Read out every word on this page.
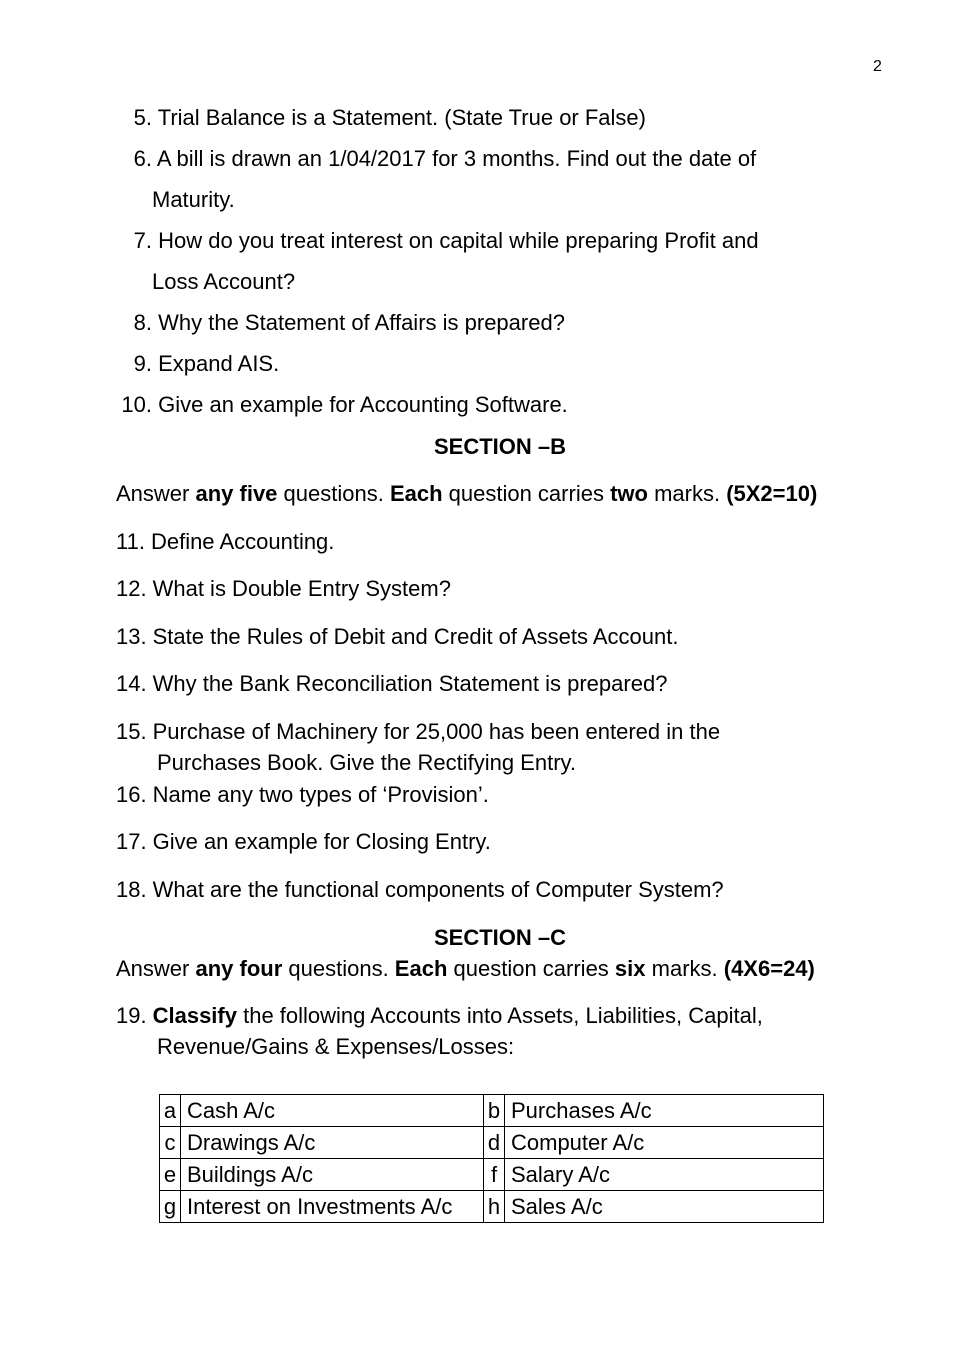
2
5. Trial Balance is a Statement. (State True or False)
6. A bill is drawn an 1/04/2017 for 3 months. Find out the date of
Maturity.
7. How do you treat interest on capital while preparing Profit and
Loss Account?
8. Why the Statement of Affairs is prepared?
9. Expand AIS.
10. Give an example for Accounting Software.
SECTION –B
Answer any five questions. Each question carries two marks. (5X2=10)
11. Define Accounting.
12. What is Double Entry System?
13. State the Rules of Debit and Credit of Assets Account.
14. Why the Bank Reconciliation Statement is prepared?
15. Purchase of Machinery for 25,000 has been entered in the
Purchases Book. Give the Rectifying Entry.
16. Name any two types of ‘Provision’.
17. Give an example for Closing Entry.
18. What are the functional components of Computer System?
SECTION –C
Answer any four questions. Each question carries six marks. (4X6=24)
19. Classify the following Accounts into Assets, Liabilities, Capital,
Revenue/Gains & Expenses/Losses:
a	Cash A/c	b	Purchases A/c
c	Drawings A/c	d	Computer A/c
e	Buildings A/c	f	Salary A/c
g	Interest on Investments A/c	h	Sales A/c
